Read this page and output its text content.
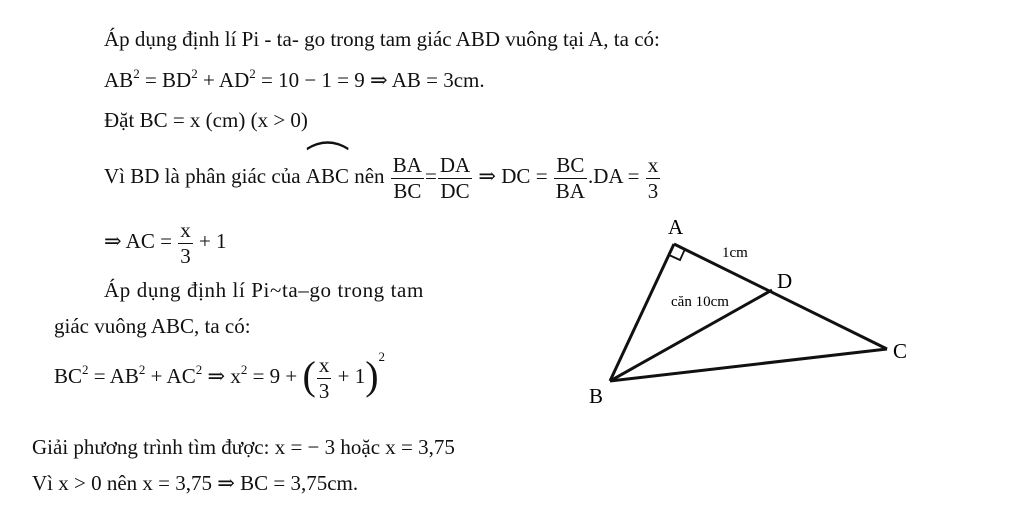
Áp dụng định lí Pi - ta- go trong tam giác ABD vuông tại A, ta có:
$AB^2 = BD^2 + AD^2 = 10 - 1 = 9$ ⇒ AB = 3cm.
Đặt BC = x (cm) (x > 0)
Vì BD là phân giác của ABC nên $\frac{BA}{BC} = \frac{DA}{DC}$ ⇒ DC = $\frac{BC}{BA} .DA = \frac{x}{3}$
⇒ AC = $\frac{x}{3} + 1$
Áp dụng định lí Pi~ta–go trong tam
giác vuông ABC, ta có:
$BC^2 = AB^2 + AC^2$ ⇒ $x^2 = 9$ + ( $\frac{x}{3} + 1)^2$
Giải phương trình tìm được: x = − 3 hoặc x = 3,75
Vì x > 0 nên x = 3,75 ⇒ BC = 3,75cm.
A
B
C
D
1cm
căn 10cm
